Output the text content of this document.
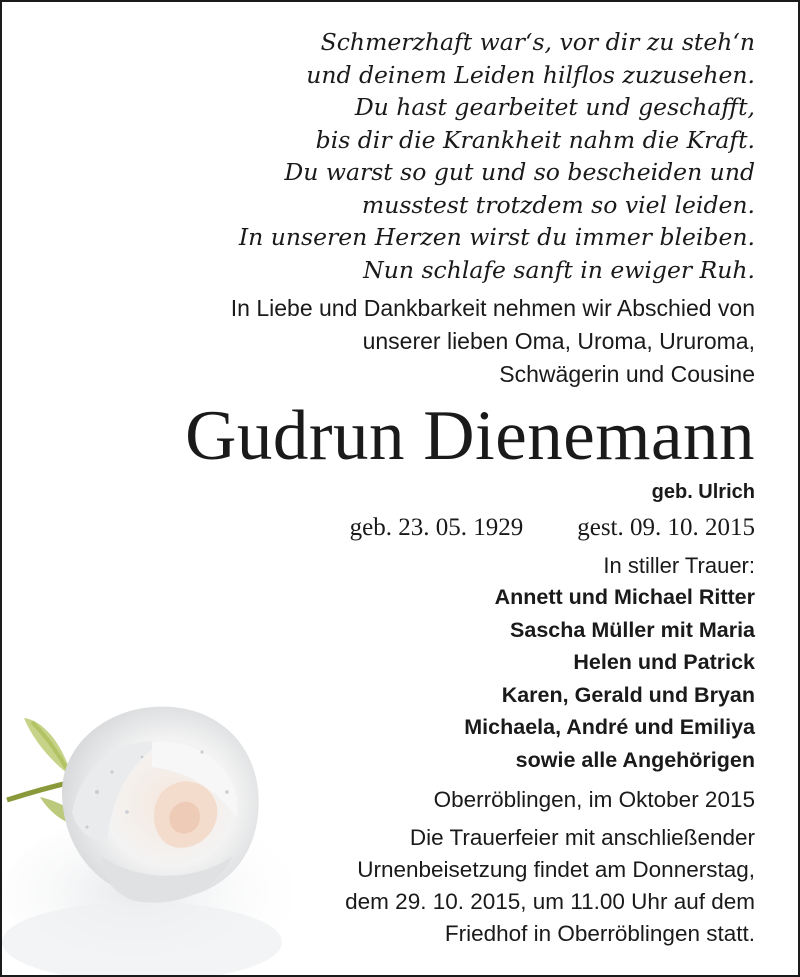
Schmerzhaft war‘s, vor dir zu steh‘n
und deinem Leiden hilflos zuzusehen.
Du hast gearbeitet und geschafft,
bis dir die Krankheit nahm die Kraft.
Du warst so gut und so bescheiden und
musstest trotzdem so viel leiden.
In unseren Herzen wirst du immer bleiben.
Nun schlafe sanft in ewiger Ruh.
In Liebe und Dankbarkeit nehmen wir Abschied von
unserer lieben Oma, Uroma, Ururoma,
Schwägerin und Cousine
Gudrun Dienemann
geb. Ulrich
geb. 23. 05. 1929 gest. 09. 10. 2015
In stiller Trauer:
Annett und Michael Ritter
Sascha Müller mit Maria
Helen und Patrick
Karen, Gerald und Bryan
Michaela, André und Emiliya
sowie alle Angehörigen
Oberröblingen, im Oktober 2015
Die Trauerfeier mit anschließender
Urnenbeisetzung findet am Donnerstag,
dem 29. 10. 2015, um 11.00 Uhr auf dem
Friedhof in Oberröblingen statt.
